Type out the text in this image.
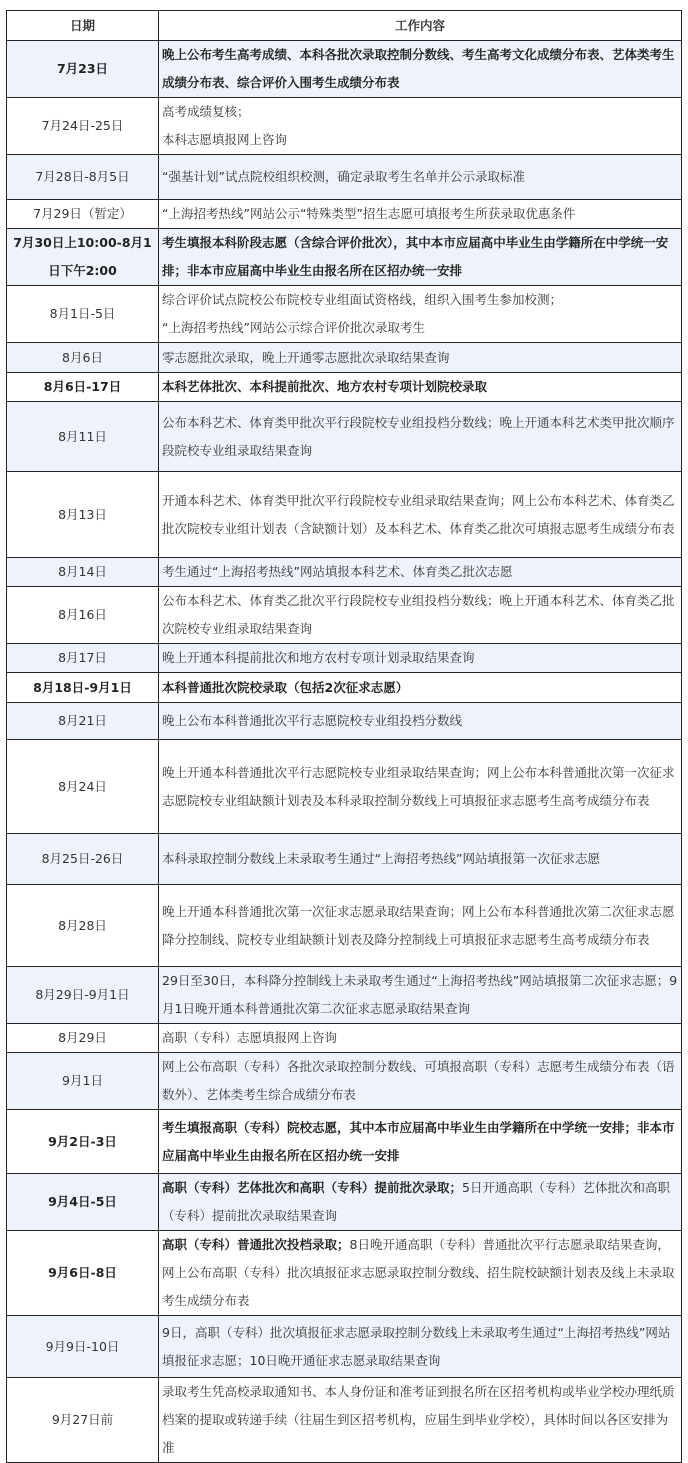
日期	工作内容
7月23日	晚上公布考生高考成绩、本科各批次录取控制分数线、考生高考文化成绩分布表、艺体类考生成绩分布表、综合评价入围考生成绩分布表
7月24日-25日	高考成绩复核；
本科志愿填报网上咨询
7月28日-8月5日	“强基计划”试点院校组织校测，确定录取考生名单并公示录取标准
7月29日（暂定）	“上海招考热线”网站公示“特殊类型”招生志愿可填报考生所获录取优惠条件
7月30日上10:00-8月1日下午2:00	考生填报本科阶段志愿（含综合评价批次），其中本市应届高中毕业生由学籍所在中学统一安排；非本市应届高中毕业生由报名所在区招办统一安排
8月1日-5日	综合评价试点院校公布院校专业组面试资格线，组织入围考生参加校测；
“上海招考热线”网站公示综合评价批次录取考生
8月6日	零志愿批次录取，晚上开通零志愿批次录取结果查询
8月6日-17日	本科艺体批次、本科提前批次、地方农村专项计划院校录取
8月11日	公布本科艺术、体育类甲批次平行段院校专业组投档分数线；晚上开通本科艺术类甲批次顺序段院校专业组录取结果查询
8月13日	开通本科艺术、体育类甲批次平行段院校专业组录取结果查询；网上公布本科艺术、体育类乙批次院校专业组计划表（含缺额计划）及本科艺术、体育类乙批次可填报志愿考生成绩分布表
8月14日	考生通过“上海招考热线”网站填报本科艺术、体育类乙批次志愿
8月16日	公布本科艺术、体育类乙批次平行段院校专业组投档分数线；晚上开通本科艺术、体育类乙批次院校专业组录取结果查询
8月17日	晚上开通本科提前批次和地方农村专项计划录取结果查询
8月18日-9月1日	本科普通批次院校录取（包括2次征求志愿）
8月21日	晚上公布本科普通批次平行志愿院校专业组投档分数线
8月24日	晚上开通本科普通批次平行志愿院校专业组录取结果查询；网上公布本科普通批次第一次征求志愿院校专业组缺额计划表及本科录取控制分数线上可填报征求志愿考生高考成绩分布表
8月25日-26日	本科录取控制分数线上未录取考生通过“上海招考热线”网站填报第一次征求志愿
8月28日	晚上开通本科普通批次第一次征求志愿录取结果查询；网上公布本科普通批次第二次征求志愿降分控制线、院校专业组缺额计划表及降分控制线上可填报征求志愿考生高考成绩分布表
8月29日-9月1日	29日至30日，本科降分控制线上未录取考生通过“上海招考热线”网站填报第二次征求志愿；9月1日晚开通本科普通批次第二次征求志愿录取结果查询
8月29日	高职（专科）志愿填报网上咨询
9月1日	网上公布高职（专科）各批次录取控制分数线、可填报高职（专科）志愿考生成绩分布表（语数外）、艺体类考生综合成绩分布表
9月2日-3日	考生填报高职（专科）院校志愿，其中本市应届高中毕业生由学籍所在中学统一安排；非本市应届高中毕业生由报名所在区招办统一安排
9月4日-5日	高职（专科）艺体批次和高职（专科）提前批次录取；5日开通高职（专科）艺体批次和高职（专科）提前批次录取结果查询
9月6日-8日	高职（专科）普通批次投档录取；8日晚开通高职（专科）普通批次平行志愿录取结果查询，网上公布高职（专科）批次填报征求志愿录取控制分数线、招生院校缺额计划表及线上未录取考生成绩分布表
9月9日-10日	9日，高职（专科）批次填报征求志愿录取控制分数线上未录取考生通过“上海招考热线”网站填报征求志愿；10日晚开通征求志愿录取结果查询
9月27日前	录取考生凭高校录取通知书、本人身份证和准考证到报名所在区招考机构或毕业学校办理纸质档案的提取或转递手续（往届生到区招考机构，应届生到毕业学校），具体时间以各区安排为准
